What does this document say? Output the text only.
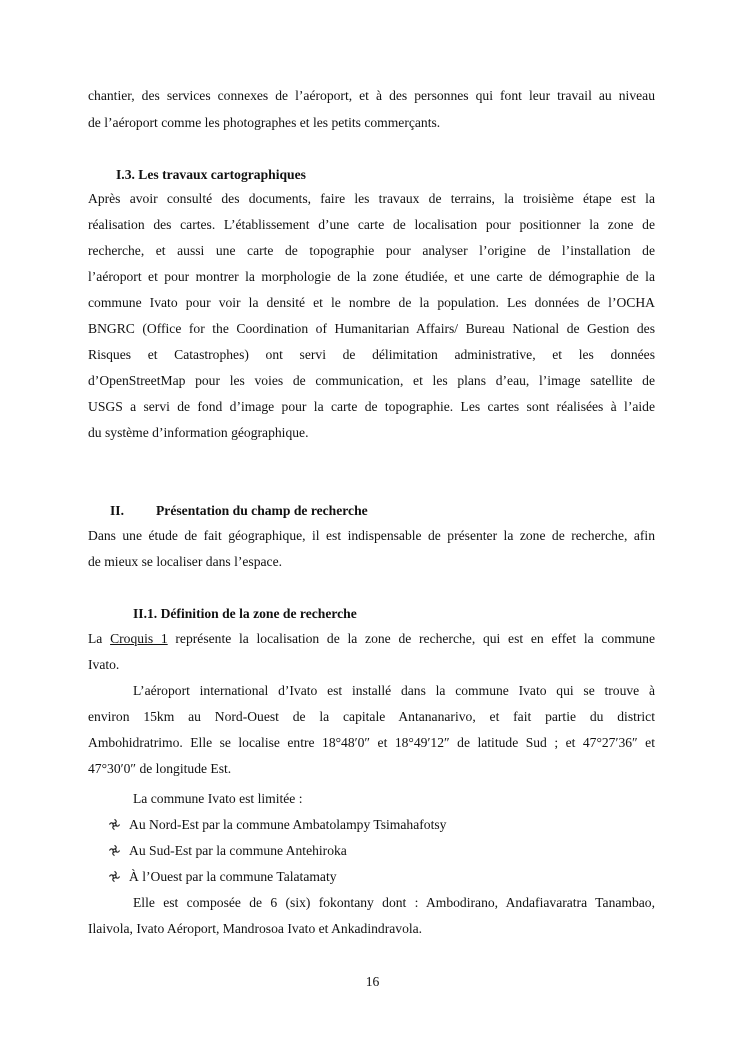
chantier, des services connexes de l’aéroport, et à des personnes qui font leur travail au niveau
de l’aéroport comme les photographes et les petits commerçants.
I.3. Les travaux cartographiques
Après avoir consulté des documents, faire les travaux de terrains, la troisième étape est la
réalisation des cartes. L’établissement d’une carte de localisation pour positionner la zone de
recherche, et aussi une carte de topographie pour analyser l’origine de l’installation de
l’aéroport et pour montrer la morphologie de la zone étudiée, et une carte de démographie de la
commune Ivato pour voir la densité et le nombre de la population. Les données de l’OCHA
BNGRC (Office for the Coordination of Humanitarian Affairs/ Bureau National de Gestion des
Risques et Catastrophes) ont servi de délimitation administrative, et les données
d’OpenStreetMap pour les voies de communication, et les plans d’eau, l’image satellite de
USGS a servi de fond d’image pour la carte de topographie. Les cartes sont réalisées à l’aide
du système d’information géographique.
II. Présentation du champ de recherche
Dans une étude de fait géographique, il est indispensable de présenter la zone de recherche, afin
de mieux se localiser dans l’espace.
II.1. Définition de la zone de recherche
La Croquis 1 représente la localisation de la zone de recherche, qui est en effet la commune
Ivato.
L’aéroport international d’Ivato est installé dans la commune Ivato qui se trouve à
environ 15km au Nord-Ouest de la capitale Antananarivo, et fait partie du district
Ambohidratrimo. Elle se localise entre 18°48′0″ et 18°49′12″ de latitude Sud ; et 47°27′36″ et
47°30′0″ de longitude Est.
La commune Ivato est limitée :
Au Nord-Est par la commune Ambatolampy Tsimahafotsy
Au Sud-Est par la commune Antehiroka
À l’Ouest par la commune Talatamaty
Elle est composée de 6 (six) fokontany dont : Ambodirano, Andafiavaratra Tanambao,
Ilaivola, Ivato Aéroport, Mandrosoa Ivato et Ankadindravola.
16
